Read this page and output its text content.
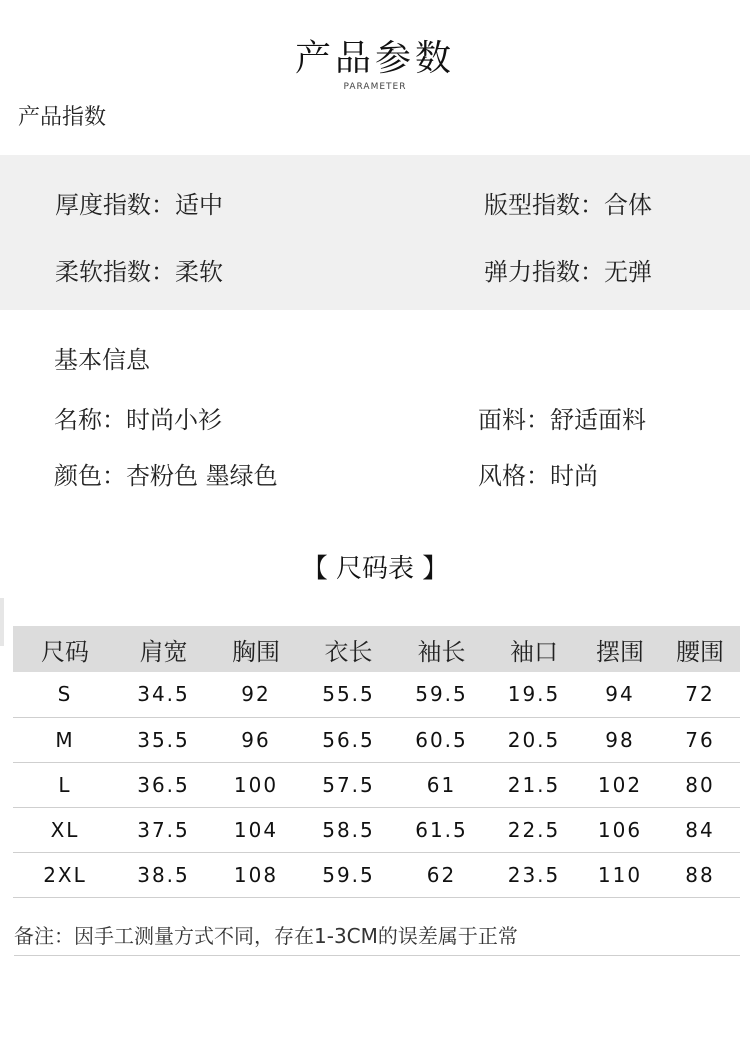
产品参数
PARAMETER
产品指数
厚度指数：适中	版型指数：合体
柔软指数：柔软	弹力指数：无弹
基本信息
名称：时尚小衫	面料：舒适面料
颜色：杏粉色 墨绿色	风格：时尚
【 尺码表 】
尺码	肩宽	胸围	衣长	袖长	袖口	摆围	腰围
S	34.5	92	55.5	59.5	19.5	94	72
M	35.5	96	56.5	60.5	20.5	98	76
L	36.5	100	57.5	61	21.5	102	80
XL	37.5	104	58.5	61.5	22.5	106	84
2XL	38.5	108	59.5	62	23.5	110	88
备注：因手工测量方式不同，存在1-3CM的误差属于正常
